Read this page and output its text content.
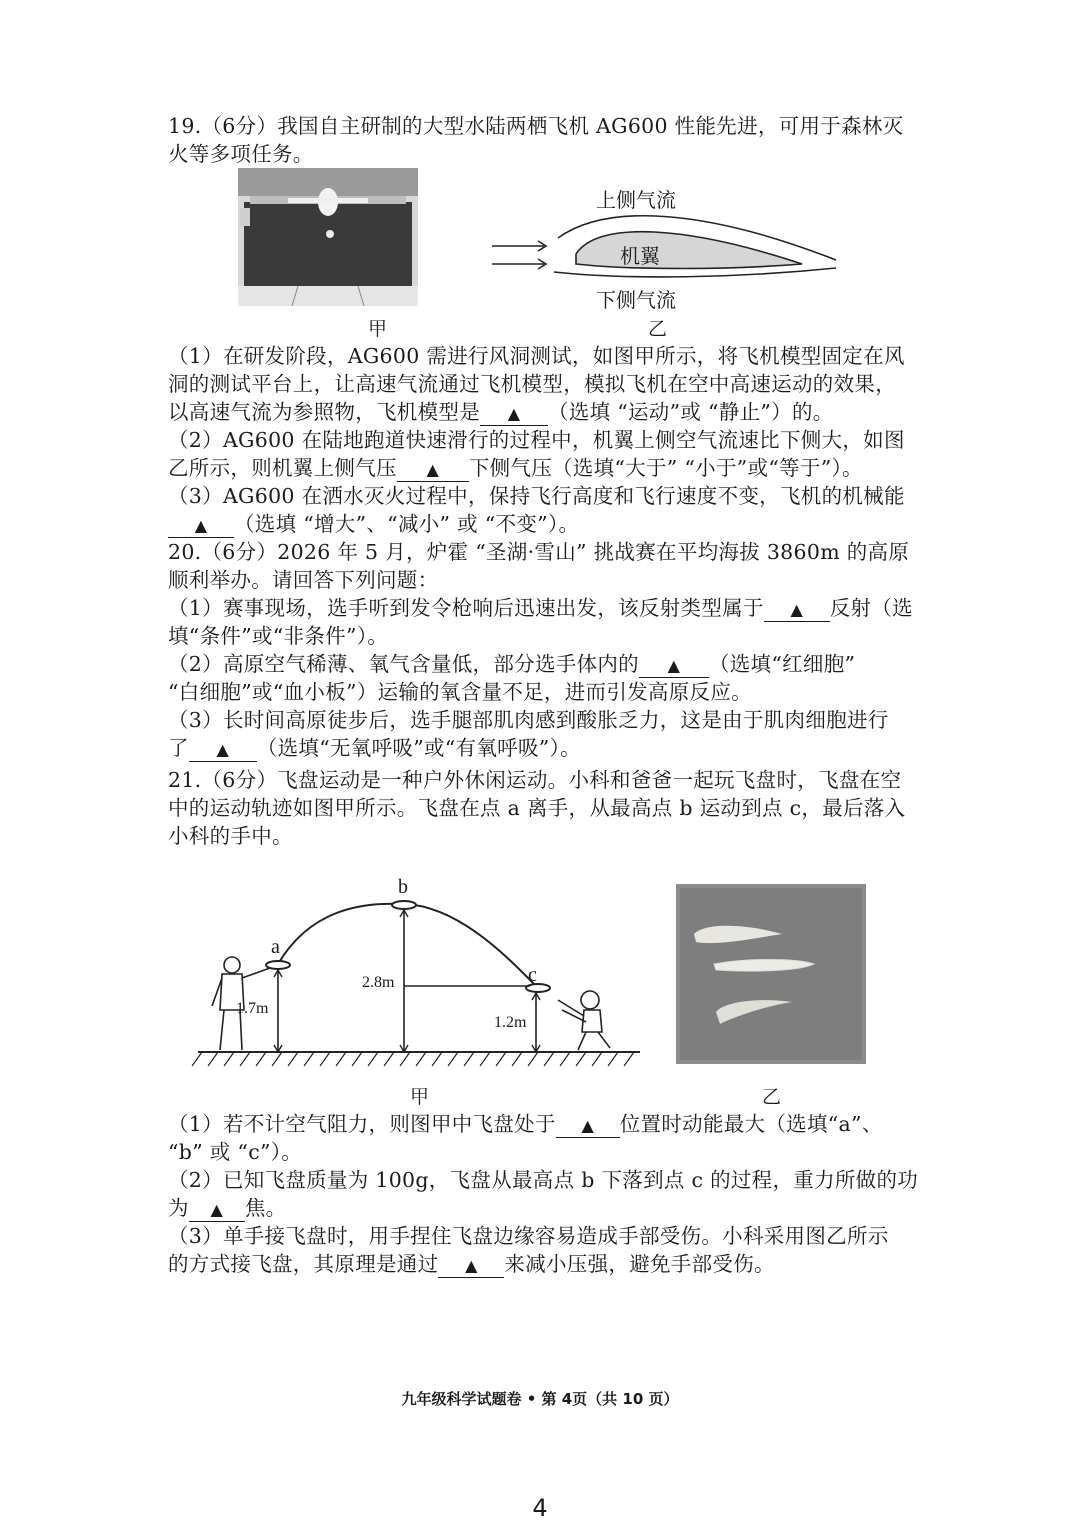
19.（6分）我国自主研制的大型水陆两栖飞机 AG600 性能先进，可用于森林灭
火等多项任务。
上侧气流
机翼
下侧气流
甲	乙
（1）在研发阶段，AG600 需进行风洞测试，如图甲所示，将飞机模型固定在风
洞的测试平台上，让高速气流通过飞机模型，模拟飞机在空中高速运动的效果，
以高速气流为参照物，飞机模型是 ▲ （选填 “运动”或 “静止”）的。
（2）AG600 在陆地跑道快速滑行的过程中，机翼上侧空气流速比下侧大，如图
乙所示，则机翼上侧气压 ▲ 下侧气压（选填“大于” “小于”或“等于”）。
（3）AG600 在洒水灭火过程中，保持飞行高度和飞行速度不变，飞机的机械能
▲ （选填 “增大”、“减小” 或 “不变”）。
20.（6分）2026 年 5 月，炉霍 “圣湖·雪山” 挑战赛在平均海拔 3860m 的高原
顺利举办。请回答下列问题：
（1）赛事现场，选手听到发令枪响后迅速出发，该反射类型属于 ▲ 反射（选
填“条件”或“非条件”）。
（2）高原空气稀薄、氧气含量低，部分选手体内的 ▲ （选填“红细胞”
“白细胞”或“血小板”）运输的氧含量不足，进而引发高原反应。
（3）长时间高原徒步后，选手腿部肌肉感到酸胀乏力，这是由于肌肉细胞进行
了 ▲ （选填“无氧呼吸”或“有氧呼吸”）。
21.（6分）飞盘运动是一种户外休闲运动。小科和爸爸一起玩飞盘时，飞盘在空
中的运动轨迹如图甲所示。飞盘在点 a 离手，从最高点 b 运动到点 c，最后落入
小科的手中。
a
b
c
1.7m
2.8m
1.2m
甲	乙
（1）若不计空气阻力，则图甲中飞盘处于 ▲ 位置时动能最大（选填“a”、
“b” 或 “c”）。
（2）已知飞盘质量为 100g，飞盘从最高点 b 下落到点 c 的过程，重力所做的功
为 ▲ 焦。
（3）单手接飞盘时，用手捏住飞盘边缘容易造成手部受伤。小科采用图乙所示
的方式接飞盘，其原理是通过 ▲ 来减小压强，避免手部受伤。
九年级科学试题卷 • 第 4页（共 10 页）
4
